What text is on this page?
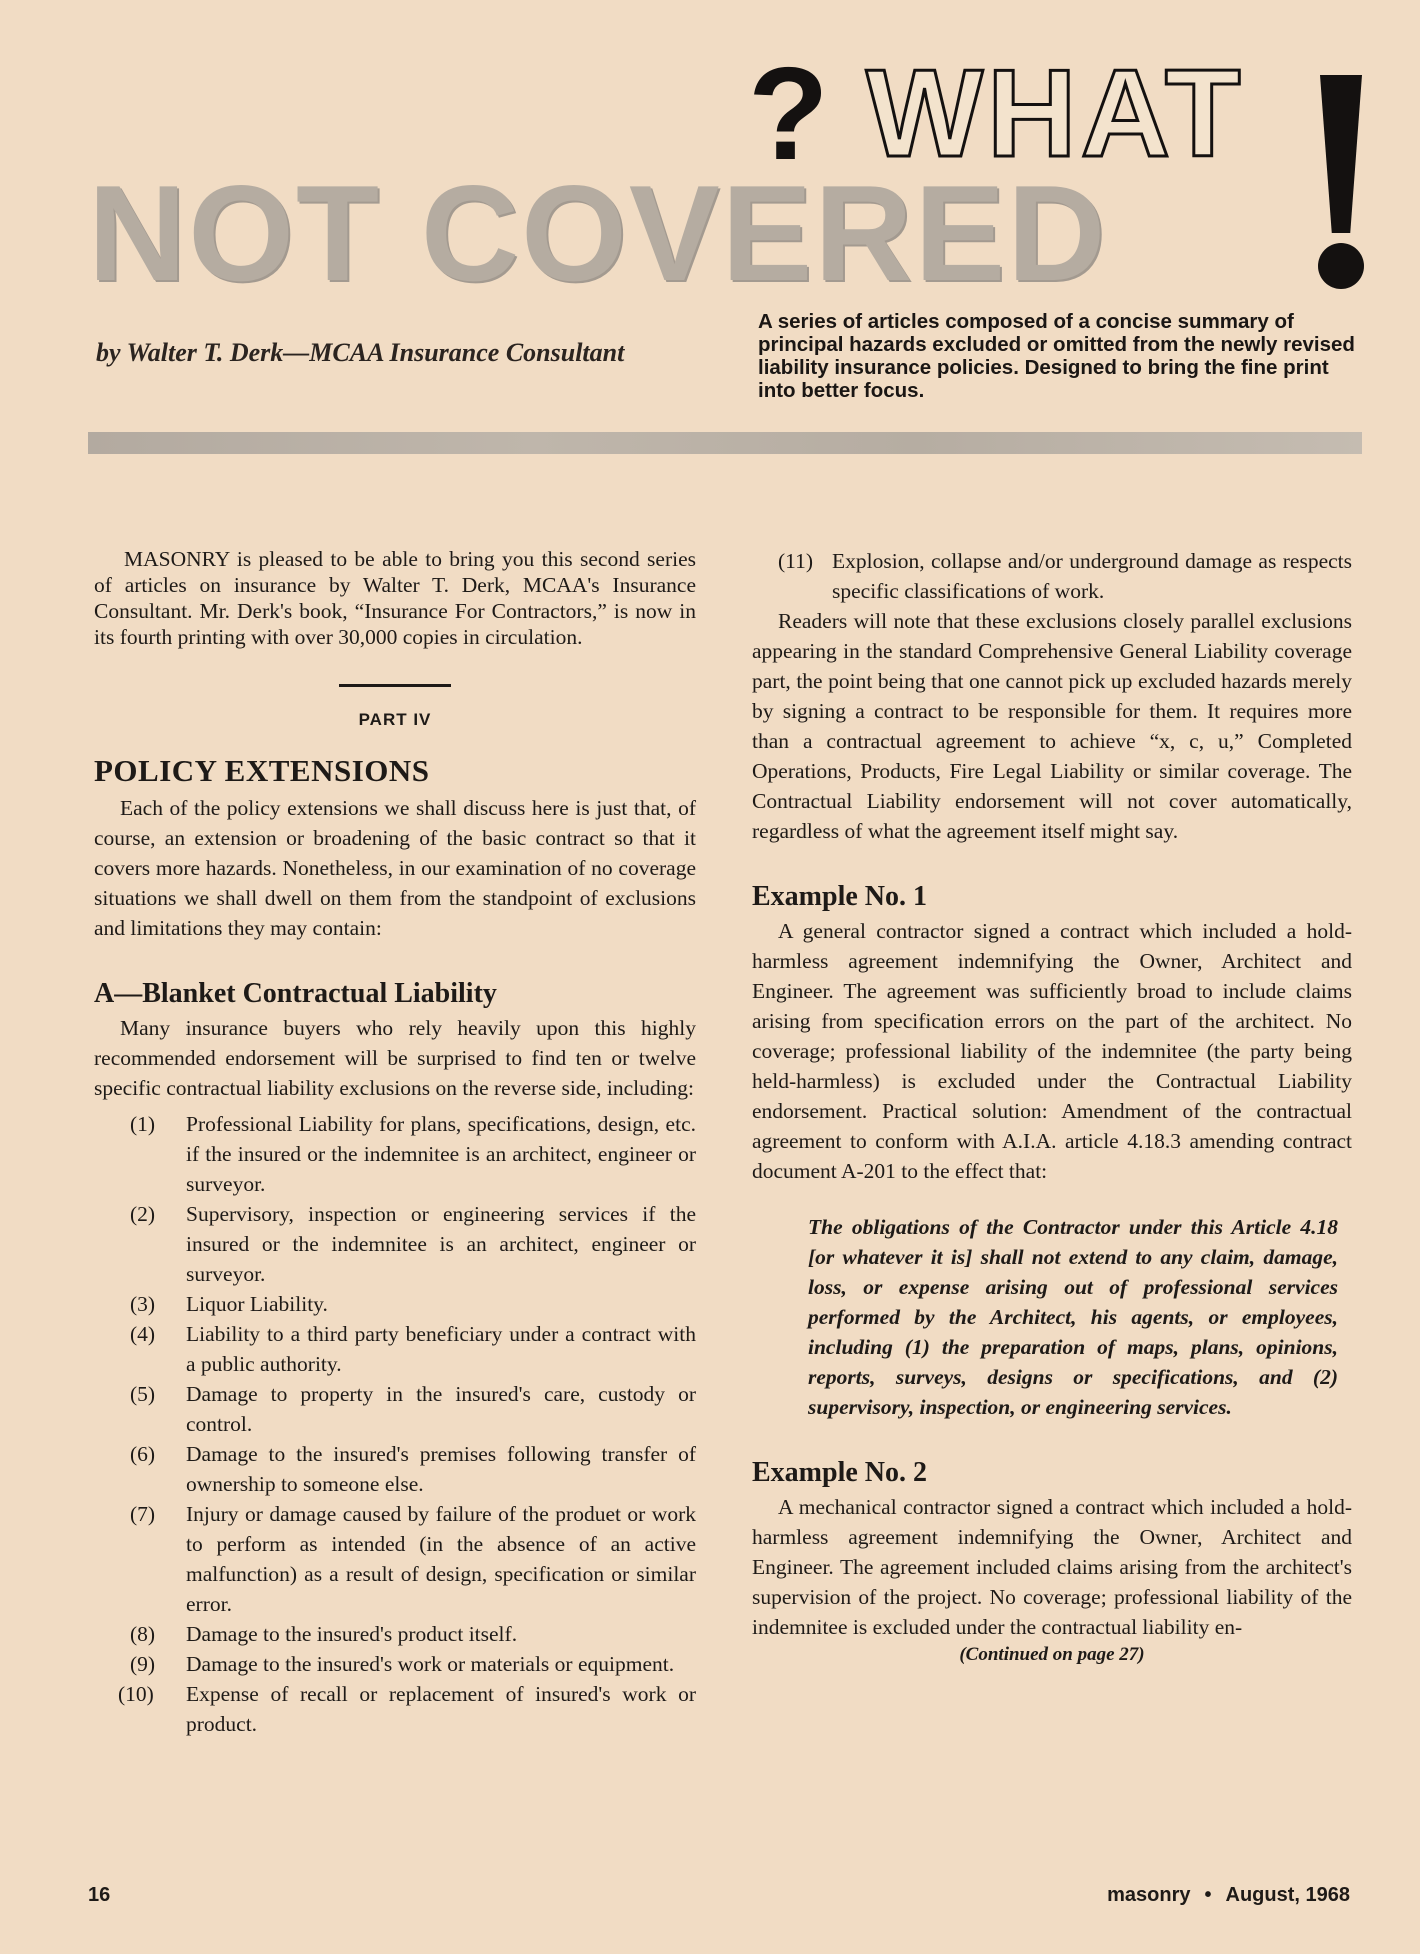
? WHAT
NOT COVERED
by Walter T. Derk—MCAA Insurance Consultant
A series of articles composed of a concise summary of principal hazards excluded or omitted from the newly revised liability insurance policies. Designed to bring the fine print into better focus.

MASONRY is pleased to be able to bring you this second series of articles on insurance by Walter T. Derk, MCAA's Insurance Consultant. Mr. Derk's book, “Insurance For Contractors,” is now in its fourth printing with over 30,000 copies in circulation.

PART IV
POLICY EXTENSIONS

Each of the policy extensions we shall discuss here is just that, of course, an extension or broadening of the basic contract so that it covers more hazards. Nonetheless, in our examination of no coverage situations we shall dwell on them from the standpoint of exclusions and limitations they may contain:

A—Blanket Contractual Liability

Many insurance buyers who rely heavily upon this highly recommended endorsement will be surprised to find ten or twelve specific contractual liability exclusions on the reverse side, including:

(1) Professional Liability for plans, specifications, design, etc. if the insured or the indemnitee is an architect, engineer or surveyor.
(2) Supervisory, inspection or engineering services if the insured or the indemnitee is an architect, engineer or surveyor.
(3) Liquor Liability.
(4) Liability to a third party beneficiary under a contract with a public authority.
(5) Damage to property in the insured's care, custody or control.
(6) Damage to the insured's premises following transfer of ownership to someone else.
(7) Injury or damage caused by failure of the produet or work to perform as intended (in the absence of an active malfunction) as a result of design, specification or similar error.
(8) Damage to the insured's product itself.
(9) Damage to the insured's work or materials or equipment.
(10) Expense of recall or replacement of insured's work or product.
(11) Explosion, collapse and/or underground damage as respects specific classifications of work.

Readers will note that these exclusions closely parallel exclusions appearing in the standard Comprehensive General Liability coverage part, the point being that one cannot pick up excluded hazards merely by signing a contract to be responsible for them. It requires more than a contractual agreement to achieve “x, c, u,” Completed Operations, Products, Fire Legal Liability or similar coverage. The Contractual Liability endorsement will not cover automatically, regardless of what the agreement itself might say.

Example No. 1

A general contractor signed a contract which included a hold-harmless agreement indemnifying the Owner, Architect and Engineer. The agreement was sufficiently broad to include claims arising from specification errors on the part of the architect. No coverage; professional liability of the indemnitee (the party being held-harmless) is excluded under the Contractual Liability endorsement. Practical solution: Amendment of the contractual agreement to conform with A.I.A. article 4.18.3 amending contract document A-201 to the effect that:

The obligations of the Contractor under this Article 4.18 [or whatever it is] shall not extend to any claim, damage, loss, or expense arising out of professional services performed by the Architect, his agents, or employees, including (1) the preparation of maps, plans, opinions, reports, surveys, designs or specifications, and (2) supervisory, inspection, or engineering services.
Example No. 2

A mechanical contractor signed a contract which included a hold-harmless agreement indemnifying the Owner, Architect and Engineer. The agreement included claims arising from the architect's supervision of the project. No coverage; professional liability of the indemnitee is excluded under the contractual liability en-

(Continued on page 27)
16	masonry • August, 1968
